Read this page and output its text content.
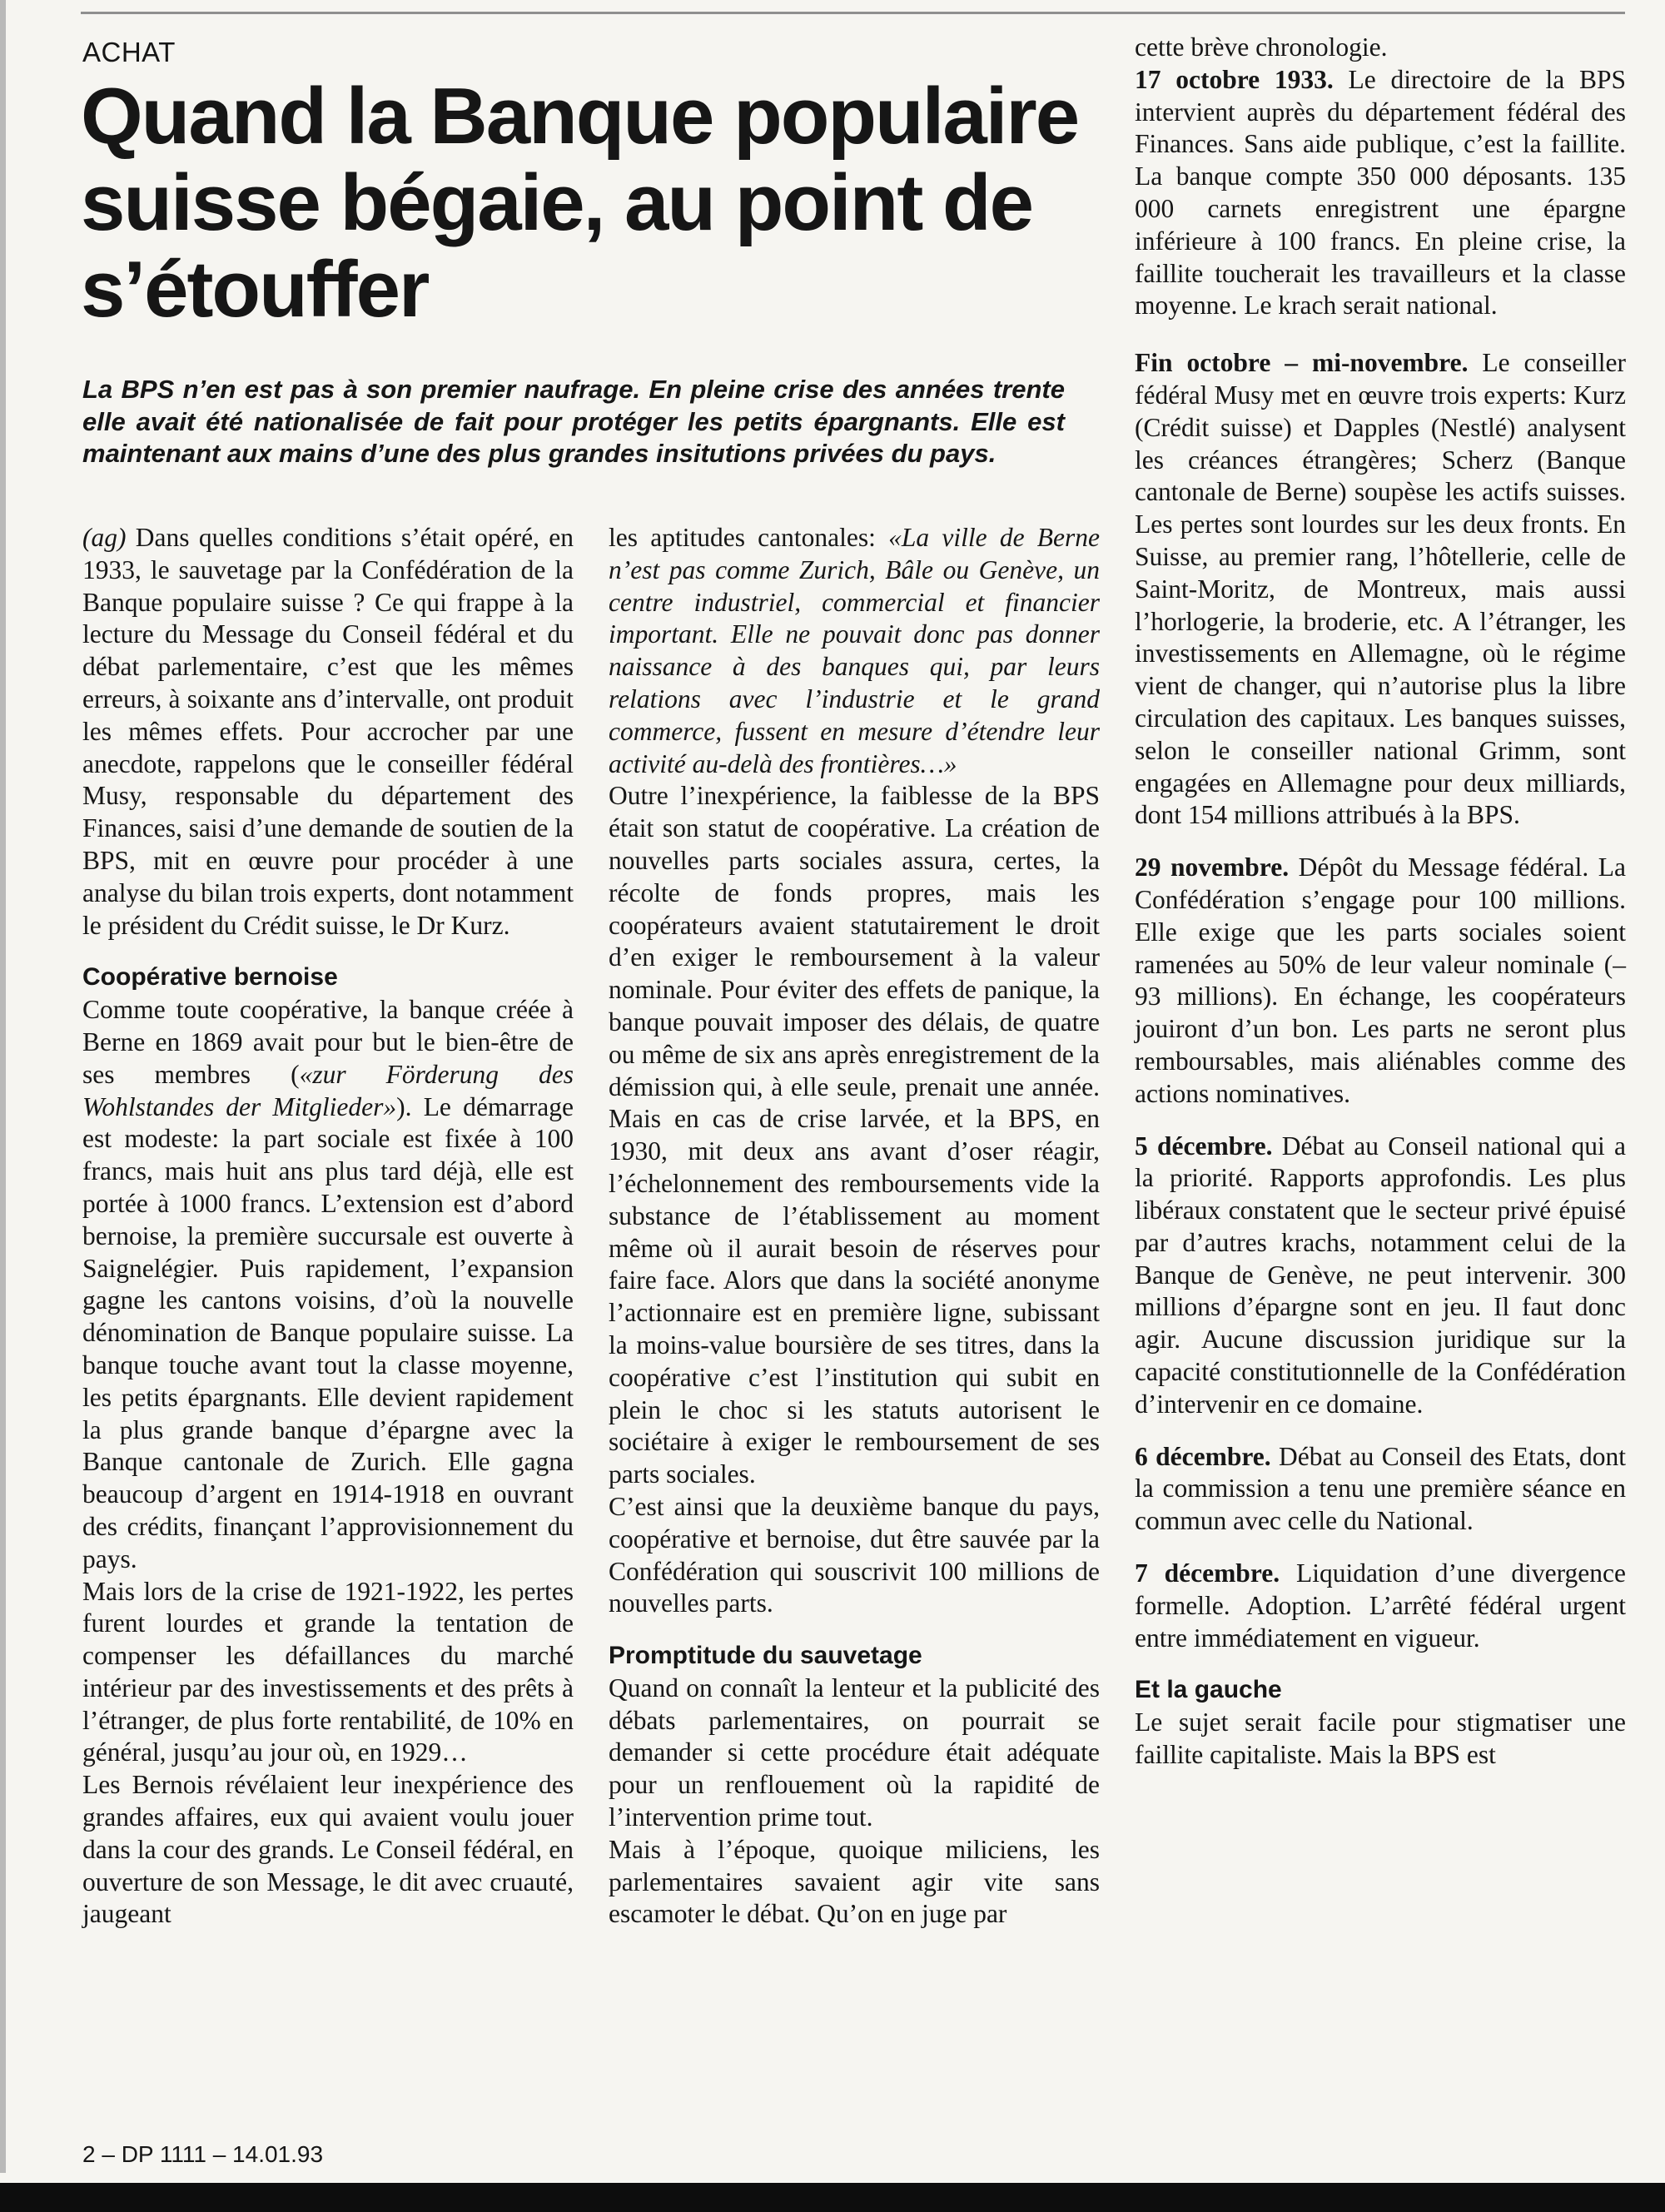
ACHAT
Quand la Banque populaire suisse bégaie, au point de s’étouffer

La BPS n’en est pas à son premier naufrage. En pleine crise des années trente elle avait été nationalisée de fait pour protéger les petits épargnants. Elle est maintenant aux mains d’une des plus grandes insitutions privées du pays.

(ag) Dans quelles conditions s’était opéré, en 1933, le sauvetage par la Confédération de la Banque populaire suisse ? Ce qui frappe à la lecture du Message du Conseil fédéral et du débat parlementaire, c’est que les mêmes erreurs, à soixante ans d’intervalle, ont produit les mêmes effets. Pour accrocher par une anecdote, rappelons que le conseiller fédéral Musy, responsable du département des Finances, saisi d’une demande de soutien de la BPS, mit en œuvre pour procéder à une analyse du bilan trois experts, dont notamment le président du Crédit suisse, le Dr Kurz.

Coopérative bernoise

Comme toute coopérative, la banque créée à Berne en 1869 avait pour but le bien-être de ses membres («zur Förderung des Wohlstandes der Mitglieder»). Le démarrage est modeste: la part sociale est fixée à 100 francs, mais huit ans plus tard déjà, elle est portée à 1000 francs. L’extension est d’abord bernoise, la première succursale est ouverte à Saignelégier. Puis rapidement, l’expansion gagne les cantons voisins, d’où la nouvelle dénomination de Banque populaire suisse. La banque touche avant tout la classe moyenne, les petits épargnants. Elle devient rapidement la plus grande banque d’épargne avec la Banque cantonale de Zurich. Elle gagna beaucoup d’argent en 1914-1918 en ouvrant des crédits, finançant l’approvisionnement du pays.

Mais lors de la crise de 1921-1922, les pertes furent lourdes et grande la tentation de compenser les défaillances du marché intérieur par des investissements et des prêts à l’étranger, de plus forte rentabilité, de 10% en général, jusqu’au jour où, en 1929…

Les Bernois révélaient leur inexpérience des grandes affaires, eux qui avaient voulu jouer dans la cour des grands. Le Conseil fédéral, en ouverture de son Message, le dit avec cruauté, jaugeant

les aptitudes cantonales: «La ville de Berne n’est pas comme Zurich, Bâle ou Genève, un centre industriel, commercial et financier important. Elle ne pouvait donc pas donner naissance à des banques qui, par leurs relations avec l’industrie et le grand commerce, fussent en mesure d’étendre leur activité au-delà des frontières…»

Outre l’inexpérience, la faiblesse de la BPS était son statut de coopérative. La création de nouvelles parts sociales assura, certes, la récolte de fonds propres, mais les coopérateurs avaient statutairement le droit d’en exiger le remboursement à la valeur nominale. Pour éviter des effets de panique, la banque pouvait imposer des délais, de quatre ou même de six ans après enregistrement de la démission qui, à elle seule, prenait une année. Mais en cas de crise larvée, et la BPS, en 1930, mit deux ans avant d’oser réagir, l’échelonnement des remboursements vide la substance de l’établissement au moment même où il aurait besoin de réserves pour faire face. Alors que dans la société anonyme l’actionnaire est en première ligne, subissant la moins-value boursière de ses titres, dans la coopérative c’est l’institution qui subit en plein le choc si les statuts autorisent le sociétaire à exiger le remboursement de ses parts sociales.

C’est ainsi que la deuxième banque du pays, coopérative et bernoise, dut être sauvée par la Confédération qui souscrivit 100 millions de nouvelles parts.

Promptitude du sauvetage

Quand on connaît la lenteur et la publicité des débats parlementaires, on pourrait se demander si cette procédure était adéquate pour un renflouement où la rapidité de l’intervention prime tout.

Mais à l’époque, quoique miliciens, les parlementaires savaient agir vite sans escamoter le débat. Qu’on en juge par

cette brève chronologie.

17 octobre 1933. Le directoire de la BPS intervient auprès du département fédéral des Finances. Sans aide publique, c’est la faillite. La banque compte 350 000 déposants. 135 000 carnets enregistrent une épargne inférieure à 100 francs. En pleine crise, la faillite toucherait les travailleurs et la classe moyenne. Le krach serait national.

Fin octobre – mi-novembre. Le conseiller fédéral Musy met en œuvre trois experts: Kurz (Crédit suisse) et Dapples (Nestlé) analysent les créances étrangères; Scherz (Banque cantonale de Berne) soupèse les actifs suisses. Les pertes sont lourdes sur les deux fronts. En Suisse, au premier rang, l’hôtellerie, celle de Saint-Moritz, de Montreux, mais aussi l’horlogerie, la broderie, etc. A l’étranger, les investissements en Allemagne, où le régime vient de changer, qui n’autorise plus la libre circulation des capitaux. Les banques suisses, selon le conseiller national Grimm, sont engagées en Allemagne pour deux milliards, dont 154 millions attribués à la BPS.

29 novembre. Dépôt du Message fédéral. La Confédération s’engage pour 100 millions. Elle exige que les parts sociales soient ramenées au 50% de leur valeur nominale (– 93 millions). En échange, les coopérateurs jouiront d’un bon. Les parts ne seront plus remboursables, mais aliénables comme des actions nominatives.

5 décembre. Débat au Conseil national qui a la priorité. Rapports approfondis. Les plus libéraux constatent que le secteur privé épuisé par d’autres krachs, notamment celui de la Banque de Genève, ne peut intervenir. 300 millions d’épargne sont en jeu. Il faut donc agir. Aucune discussion juridique sur la capacité constitutionnelle de la Confédération d’intervenir en ce domaine.

6 décembre. Débat au Conseil des Etats, dont la commission a tenu une première séance en commun avec celle du National.

7 décembre. Liquidation d’une divergence formelle. Adoption. L’arrêté fédéral urgent entre immédiatement en vigueur.

Et la gauche

Le sujet serait facile pour stigmatiser une faillite capitaliste. Mais la BPS est

2 – DP 1111 – 14.01.93
